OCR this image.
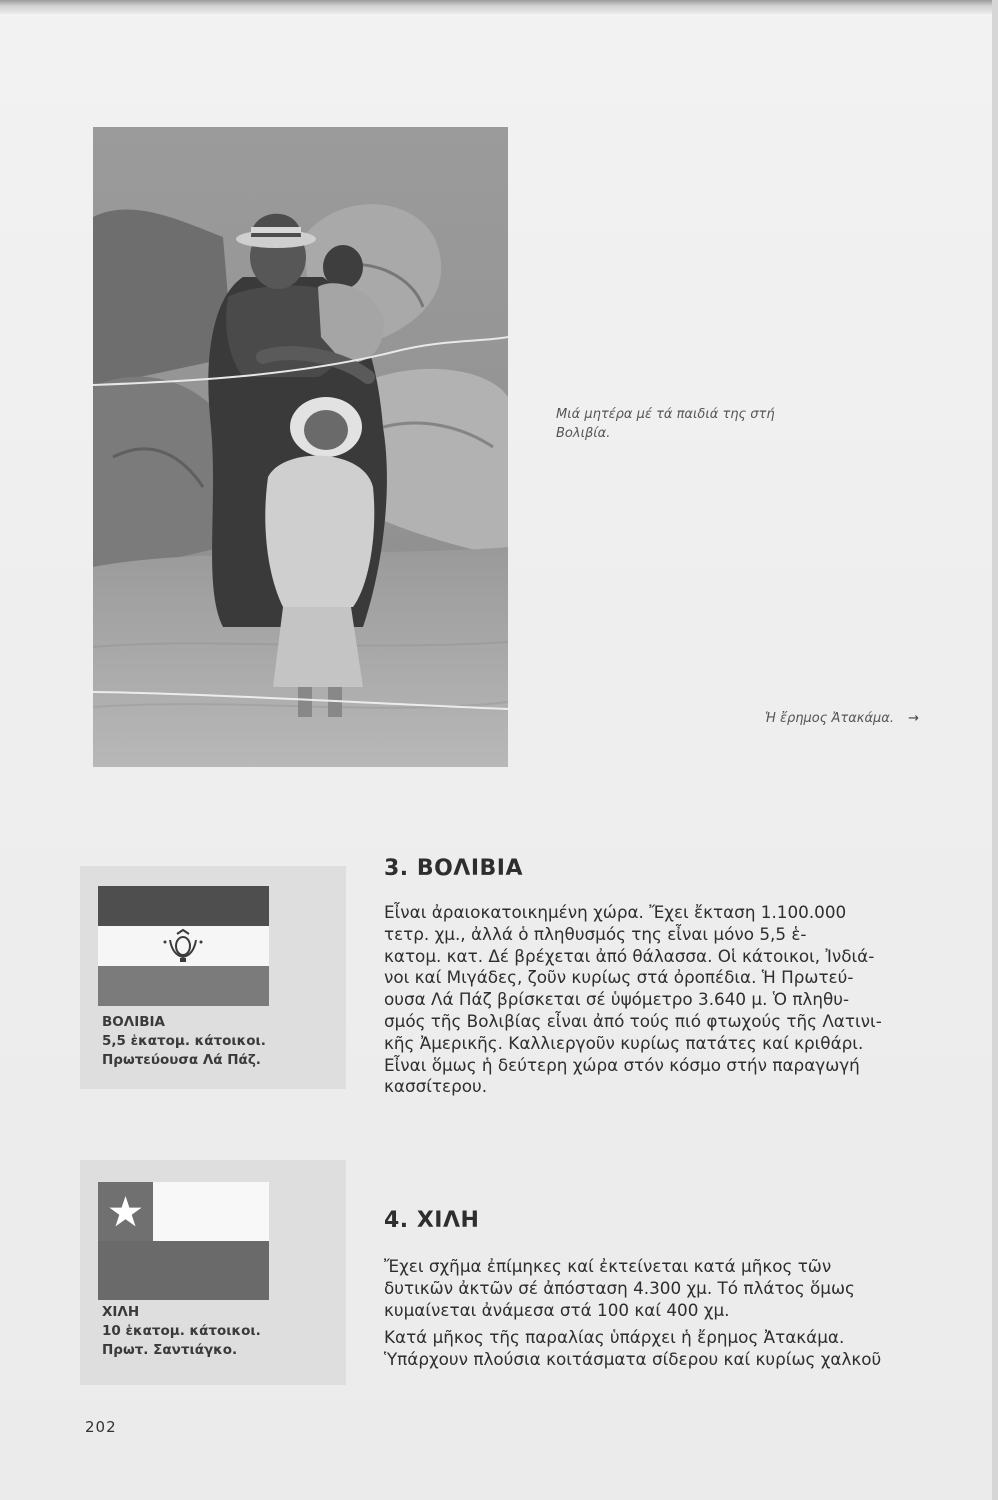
Μιά μητέρα μέ τά παιδιά της στή
Βολιβία.

Ἡ ἔρημος Ἀτακάμα. →

ΒΟΛΙΒΙΑ
5,5 ἑκατομ. κάτοικοι.
Πρωτεύουσα Λά Πάζ.

ΧΙΛΗ
10 ἑκατομ. κάτοικοι.
Πρωτ. Σαντιάγκο.

3. ΒΟΛΙΒΙΑ

Εἶναι ἀραιοκατοικημένη χώρα. Ἔχει ἔκταση 1.100.000
τετρ. χμ., ἀλλά ὁ πληθυσμός της εἶναι μόνο 5,5 ἑ-
κατομ. κατ. Δέ βρέχεται ἀπό θάλασσα. Οἱ κάτοικοι, Ἰνδιά-
νοι καί Μιγάδες, ζοῦν κυρίως στά ὀροπέδια. Ἡ Πρωτεύ-
ουσα Λά Πάζ βρίσκεται σέ ὑψόμετρο 3.640 μ. Ὁ πληθυ-
σμός τῆς Βολιβίας εἶναι ἀπό τούς πιό φτωχούς τῆς Λατινι-
κῆς Ἀμερικῆς. Καλλιεργοῦν κυρίως πατάτες καί κριθάρι.
Εἶναι ὅμως ἡ δεύτερη χώρα στόν κόσμο στήν παραγωγή
κασσίτερου.

4. ΧΙΛΗ

Ἔχει σχῆμα ἐπίμηκες καί ἐκτείνεται κατά μῆκος τῶν
δυτικῶν ἀκτῶν σέ ἀπόσταση 4.300 χμ. Τό πλάτος ὅμως
κυμαίνεται ἀνάμεσα στά 100 καί 400 χμ.
Κατά μῆκος τῆς παραλίας ὑπάρχει ἡ ἔρημος Ἀτακάμα.
Ὑπάρχουν πλούσια κοιτάσματα σίδερου καί κυρίως χαλκοῦ

202
